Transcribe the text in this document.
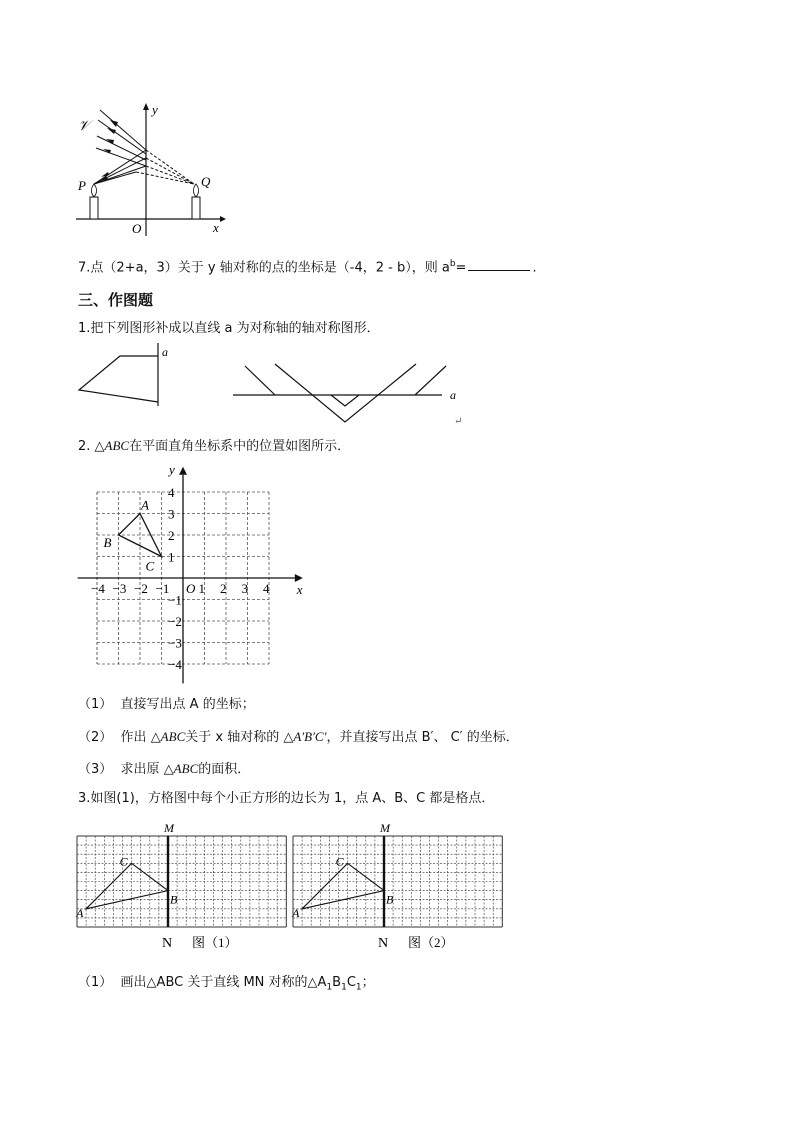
y
x
O
P	Q
𝒱
7.点（2+a，3）关于 y 轴对称的点的坐标是（-4，2 - b），则 $a^b=$	.
三、作图题
1.把下列图形补成以直线 a 为对称轴的轴对称图形．
a
a
↵
2. △ABC在平面直角坐标系中的位置如图所示．
−4 −3 −2 −1 1 2 3 4
4
3
2
1
−1
−2
−3
−4
x
y
O
A
B
C
（1） 直接写出点 A 的坐标；
（2） 作出 △ABC关于 x 轴对称的 △A′B′C′，并直接写出点 B′、 C′ 的坐标．
（3） 求出原 △ABC的面积．
3.如图(1)，方格图中每个小正方形的边长为 1，点 A、B、C 都是格点．
M
N 图（1）
A
B
C
M
N 图（2）
A
B
C
（1） 画出△ABC 关于直线 MN 对称的$\triangle A_1B_1C_1$；
